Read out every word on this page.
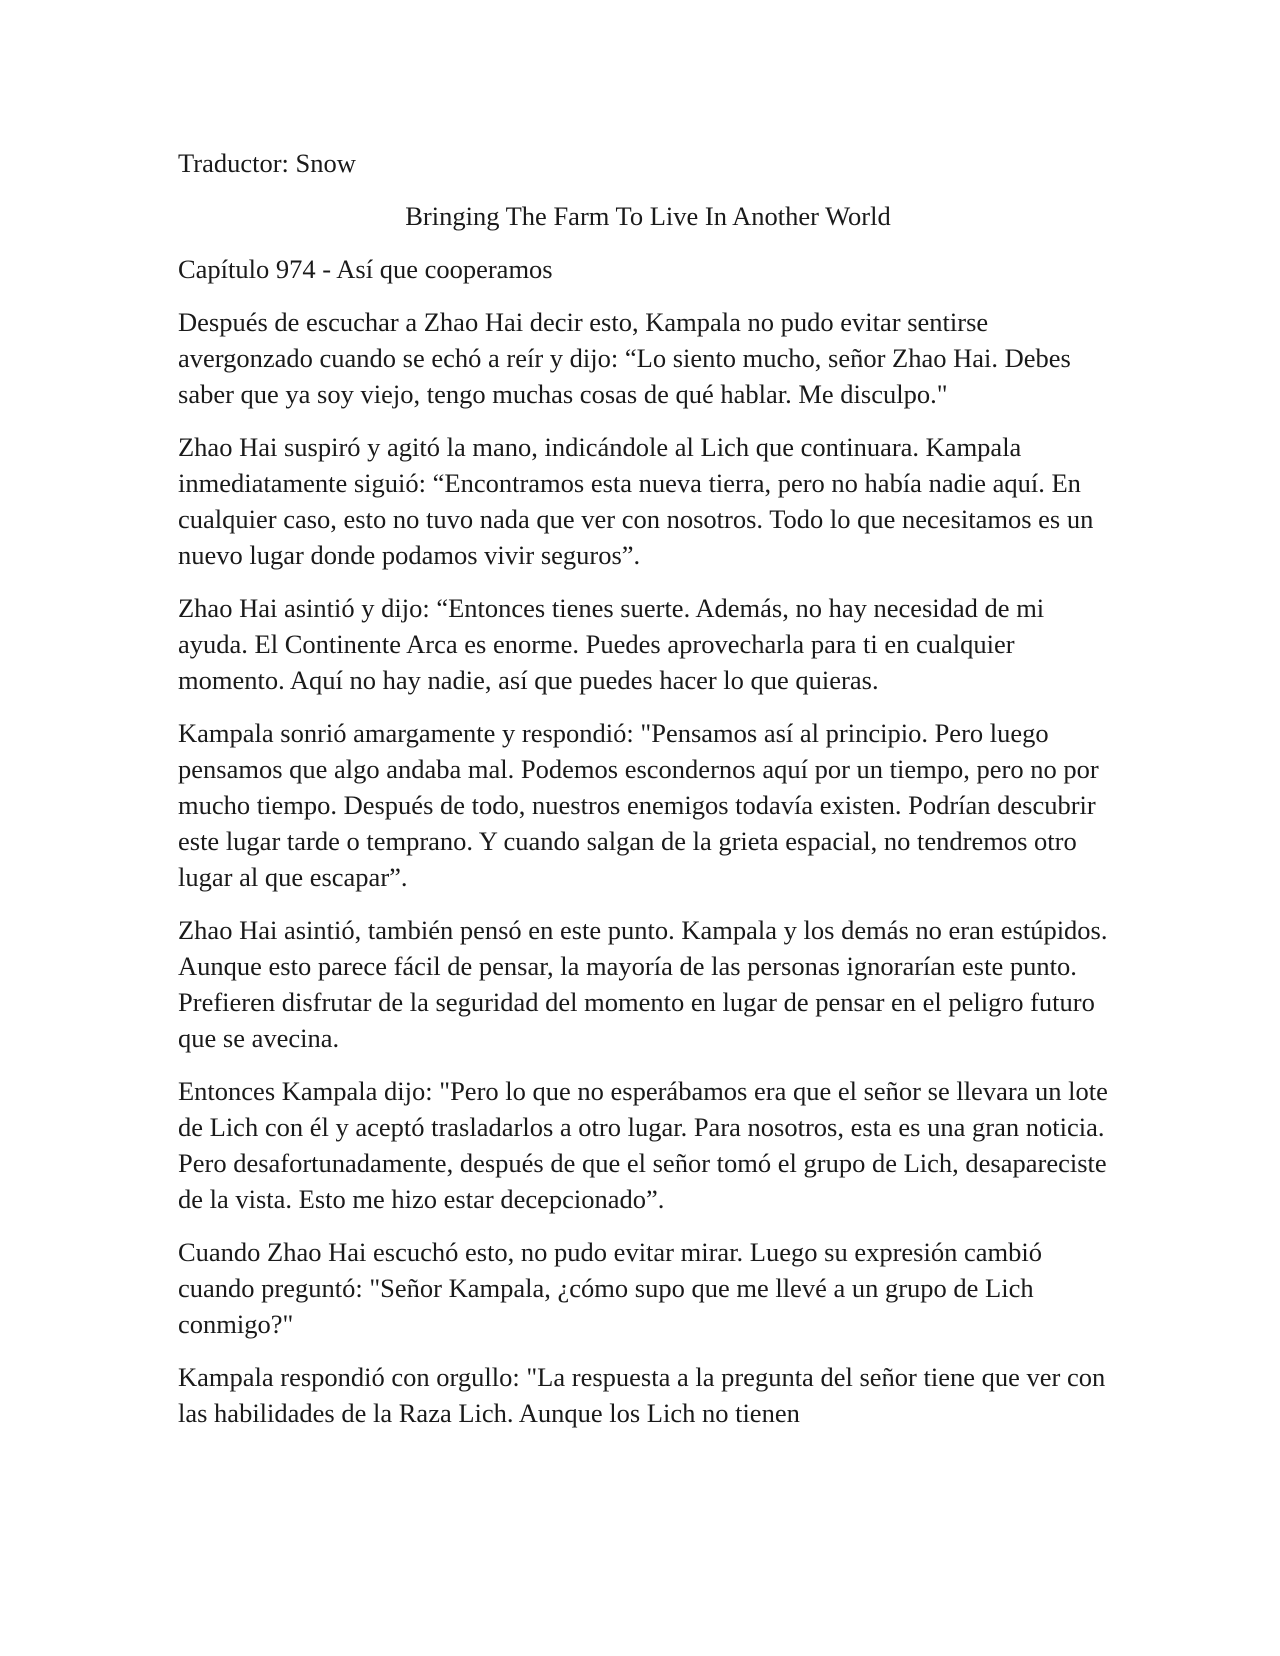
Traductor: Snow

Bringing The Farm To Live In Another World

Capítulo 974 - Así que cooperamos

Después de escuchar a Zhao Hai decir esto, Kampala no pudo evitar sentirse avergonzado cuando se echó a reír y dijo: “Lo siento mucho, señor Zhao Hai. Debes saber que ya soy viejo, tengo muchas cosas de qué hablar. Me disculpo."

Zhao Hai suspiró y agitó la mano, indicándole al Lich que continuara. Kampala inmediatamente siguió: “Encontramos esta nueva tierra, pero no había nadie aquí. En cualquier caso, esto no tuvo nada que ver con nosotros. Todo lo que necesitamos es un nuevo lugar donde podamos vivir seguros”.

Zhao Hai asintió y dijo: “Entonces tienes suerte. Además, no hay necesidad de mi ayuda. El Continente Arca es enorme. Puedes aprovecharla para ti en cualquier momento. Aquí no hay nadie, así que puedes hacer lo que quieras.

Kampala sonrió amargamente y respondió: "Pensamos así al principio. Pero luego pensamos que algo andaba mal. Podemos escondernos aquí por un tiempo, pero no por mucho tiempo. Después de todo, nuestros enemigos todavía existen. Podrían descubrir este lugar tarde o temprano. Y cuando salgan de la grieta espacial, no tendremos otro lugar al que escapar”.

Zhao Hai asintió, también pensó en este punto. Kampala y los demás no eran estúpidos. Aunque esto parece fácil de pensar, la mayoría de las personas ignorarían este punto. Prefieren disfrutar de la seguridad del momento en lugar de pensar en el peligro futuro que se avecina.

Entonces Kampala dijo: "Pero lo que no esperábamos era que el señor se llevara un lote de Lich con él y aceptó trasladarlos a otro lugar. Para nosotros, esta es una gran noticia. Pero desafortunadamente, después de que el señor tomó el grupo de Lich, desapareciste de la vista. Esto me hizo estar decepcionado”.

Cuando Zhao Hai escuchó esto, no pudo evitar mirar. Luego su expresión cambió cuando preguntó: "Señor Kampala, ¿cómo supo que me llevé a un grupo de Lich conmigo?"

Kampala respondió con orgullo: "La respuesta a la pregunta del señor tiene que ver con las habilidades de la Raza Lich. Aunque los Lich no tienen
